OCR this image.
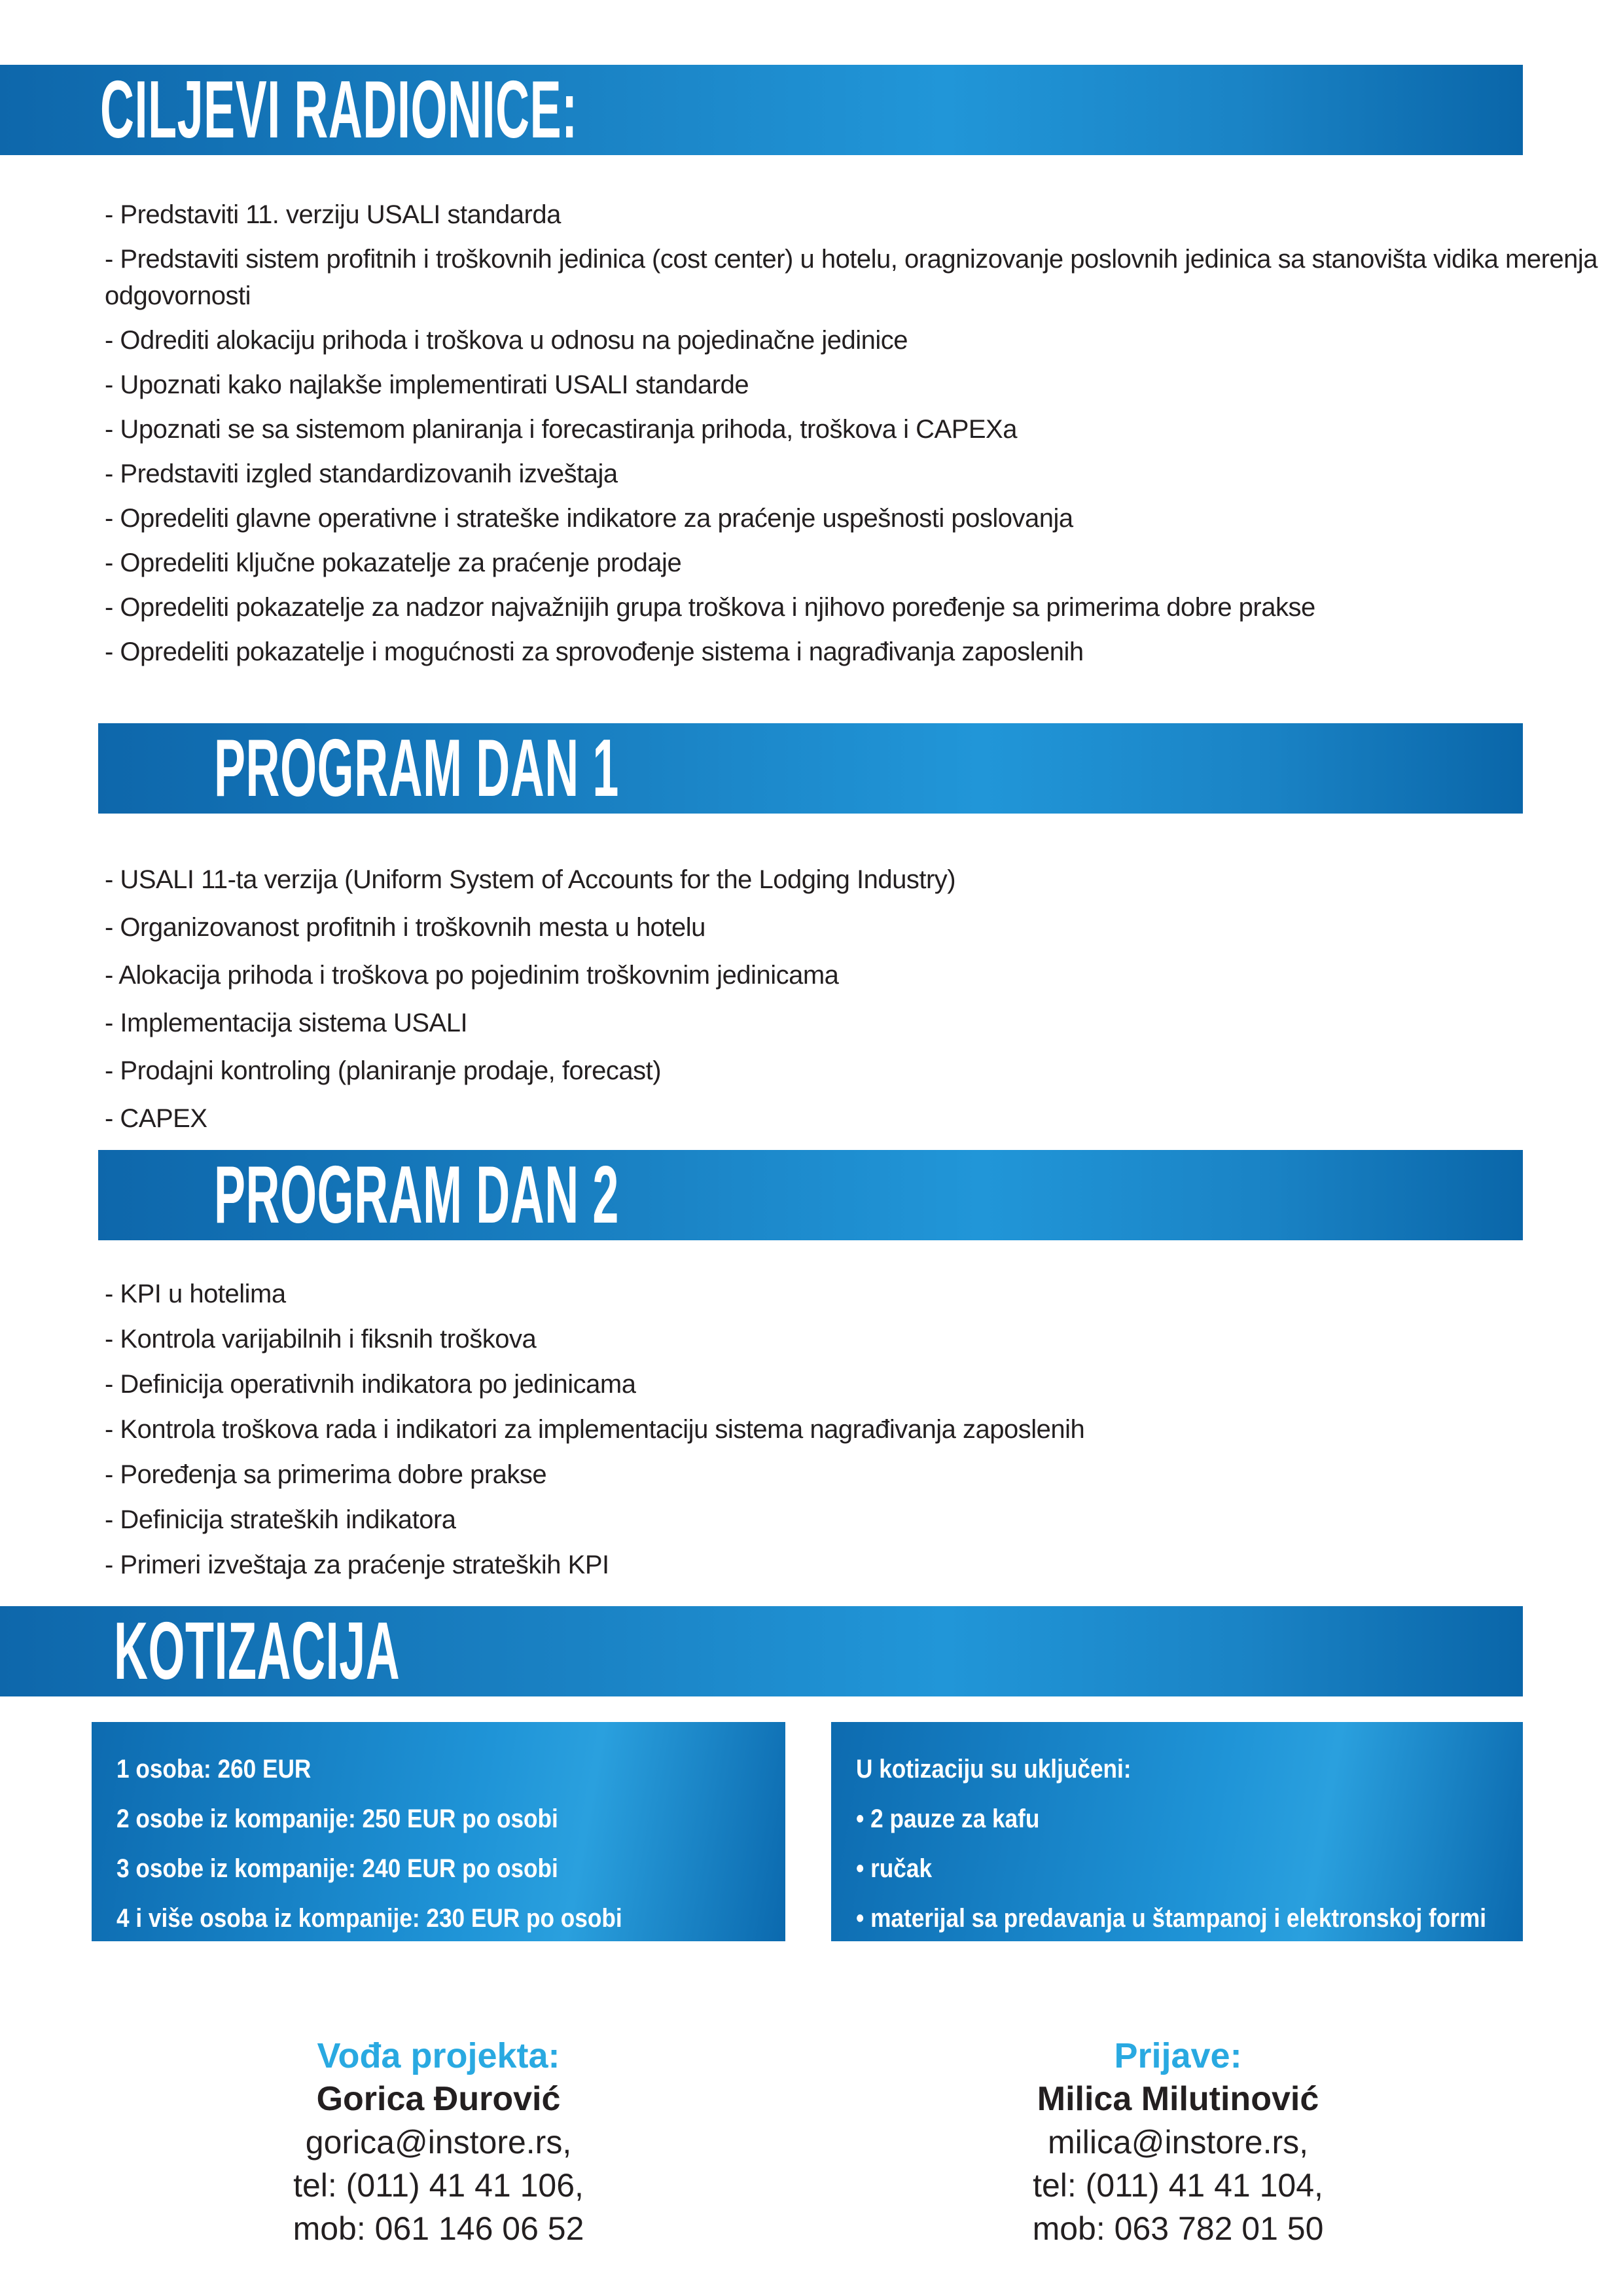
CILJEVI RADIONICE:
- Predstaviti 11. verziju USALI standarda
- Predstaviti sistem profitnih i troškovnih jedinica (cost center) u hotelu, oragnizovanje poslovnih jedinica sa stanovišta vidika merenja odgovornosti
- Odrediti alokaciju prihoda i troškova u odnosu na pojedinačne jedinice
- Upoznati kako najlakše implementirati USALI standarde
- Upoznati se sa sistemom planiranja i forecastiranja prihoda, troškova i CAPEXa
- Predstaviti izgled standardizovanih izveštaja
- Opredeliti glavne operativne i strateške indikatore za praćenje uspešnosti poslovanja
- Opredeliti ključne pokazatelje za praćenje prodaje
- Opredeliti pokazatelje za nadzor najvažnijih grupa troškova i njihovo poređenje sa primerima dobre prakse
- Opredeliti pokazatelje i mogućnosti za sprovođenje sistema i nagrađivanja zaposlenih
PROGRAM DAN 1
- USALI 11-ta verzija (Uniform System of Accounts for the Lodging Industry)
- Organizovanost profitnih i troškovnih mesta u hotelu
- Alokacija prihoda i troškova po pojedinim troškovnim jedinicama
- Implementacija sistema USALI
- Prodajni kontroling (planiranje prodaje, forecast)
- CAPEX
PROGRAM DAN 2
- KPI u hotelima
- Kontrola varijabilnih i fiksnih troškova
- Definicija operativnih indikatora po jedinicama
- Kontrola troškova rada i indikatori za implementaciju sistema nagrađivanja zaposlenih
- Poređenja sa primerima dobre prakse
- Definicija strateških indikatora
- Primeri izveštaja za praćenje strateških KPI
KOTIZACIJA
1 osoba: 260 EUR
2 osobe iz kompanije: 250 EUR po osobi
3 osobe iz kompanije: 240 EUR po osobi
4 i više osoba iz kompanije: 230 EUR po osobi
U kotizaciju su uključeni:
• 2 pauze za kafu
• ručak
• materijal sa predavanja u štampanoj i elektronskoj formi
Vođa projekta:
Gorica Đurović
gorica@instore.rs,
tel: (011) 41 41 106,
mob: 061 146 06 52
Prijave:
Milica Milutinović
milica@instore.rs,
tel: (011) 41 41 104,
mob: 063 782 01 50
